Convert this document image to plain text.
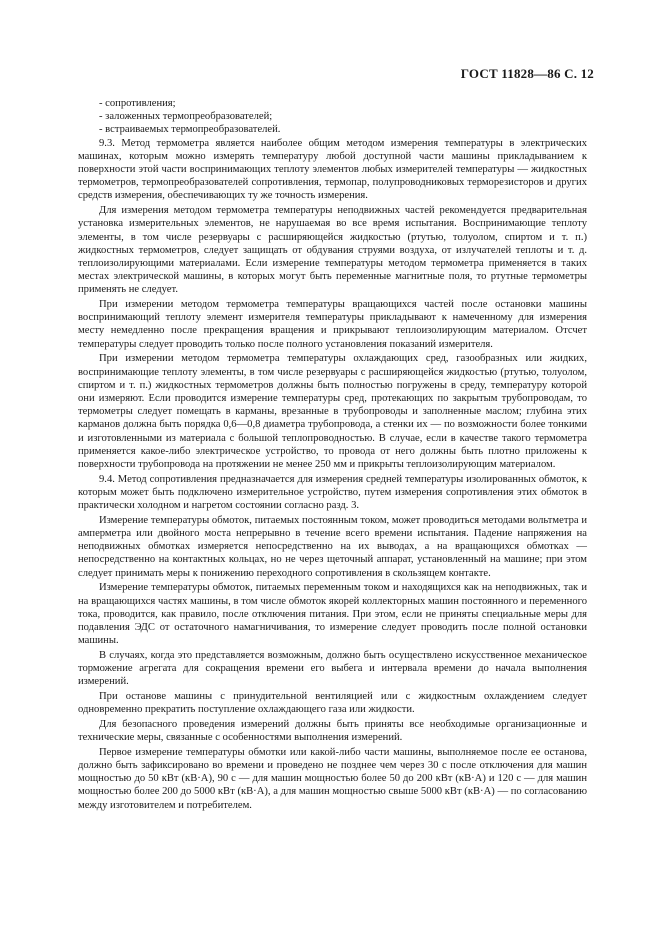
ГОСТ 11828—86 С. 12

- сопротивления;

- заложенных термопреобразователей;

- встраиваемых термопреобразователей.

9.3. Метод термометра является наиболее общим методом измерения температуры в электрических машинах, которым можно измерять температуру любой доступной части машины прикладыванием к поверхности этой части воспринимающих теплоту элементов любых измерителей температуры — жидкостных термометров, термопреобразователей сопротивления, термопар, полупроводниковых терморезисторов и других средств измерения, обеспечивающих ту же точность измерения.

Для измерения методом термометра температуры неподвижных частей рекомендуется предварительная установка измерительных элементов, не нарушаемая во все время испытания. Воспринимающие теплоту элементы, в том числе резервуары с расширяющейся жидкостью (ртутью, толуолом, спиртом и т. п.) жидкостных термометров, следует защищать от обдувания струями воздуха, от излучателей теплоты и т. д. теплоизолирующими материалами. Если измерение температуры методом термометра применяется в таких местах электрической машины, в которых могут быть переменные магнитные поля, то ртутные термометры применять не следует.

При измерении методом термометра температуры вращающихся частей после остановки машины воспринимающий теплоту элемент измерителя температуры прикладывают к намеченному для измерения месту немедленно после прекращения вращения и прикрывают теплоизолирующим материалом. Отсчет температуры следует проводить только после полного установления показаний измерителя.

При измерении методом термометра температуры охлаждающих сред, газообразных или жидких, воспринимающие теплоту элементы, в том числе резервуары с расширяющейся жидкостью (ртутью, толуолом, спиртом и т. п.) жидкостных термометров должны быть полностью погружены в среду, температуру которой они измеряют. Если проводится измерение температуры сред, протекающих по закрытым трубопроводам, то термометры следует помещать в карманы, врезанные в трубопроводы и заполненные маслом; глубина этих карманов должна быть порядка 0,6—0,8 диаметра трубопровода, а стенки их — по возможности более тонкими и изготовленными из материала с большой теплопроводностью. В случае, если в качестве такого термометра применяется какое-либо электрическое устройство, то провода от него должны быть плотно приложены к поверхности трубопровода на протяжении не менее 250 мм и прикрыты теплоизолирующим материалом.

9.4. Метод сопротивления предназначается для измерения средней температуры изолированных обмоток, к которым может быть подключено измерительное устройство, путем измерения сопротивления этих обмоток в практически холодном и нагретом состоянии согласно разд. 3.

Измерение температуры обмоток, питаемых постоянным током, может проводиться методами вольтметра и амперметра или двойного моста непрерывно в течение всего времени испытания. Падение напряжения на неподвижных обмотках измеряется непосредственно на их выводах, а на вращающихся обмотках — непосредственно на контактных кольцах, но не через щеточный аппарат, установленный на машине; при этом следует принимать меры к понижению переходного сопротивления в скользящем контакте.

Измерение температуры обмоток, питаемых переменным током и находящихся как на неподвижных, так и на вращающихся частях машины, в том числе обмоток якорей коллекторных машин постоянного и переменного тока, проводится, как правило, после отключения питания. При этом, если не приняты специальные меры для подавления ЭДС от остаточного намагничивания, то измерение следует проводить после полной остановки машины.

В случаях, когда это представляется возможным, должно быть осуществлено искусственное механическое торможение агрегата для сокращения времени его выбега и интервала времени до начала выполнения измерений.

При останове машины с принудительной вентиляцией или с жидкостным охлаждением следует одновременно прекратить поступление охлаждающего газа или жидкости.

Для безопасного проведения измерений должны быть приняты все необходимые организационные и технические меры, связанные с особенностями выполнения измерений.

Первое измерение температуры обмотки или какой-либо части машины, выполняемое после ее останова, должно быть зафиксировано во времени и проведено не позднее чем через 30 с после отключения для машин мощностью до 50 кВт (кВ·А), 90 с — для машин мощностью более 50 до 200 кВт (кВ·А) и 120 с — для машин мощностью более 200 до 5000 кВт (кВ·А), а для машин мощностью свыше 5000 кВт (кВ·А) — по согласованию между изготовителем и потребителем.
